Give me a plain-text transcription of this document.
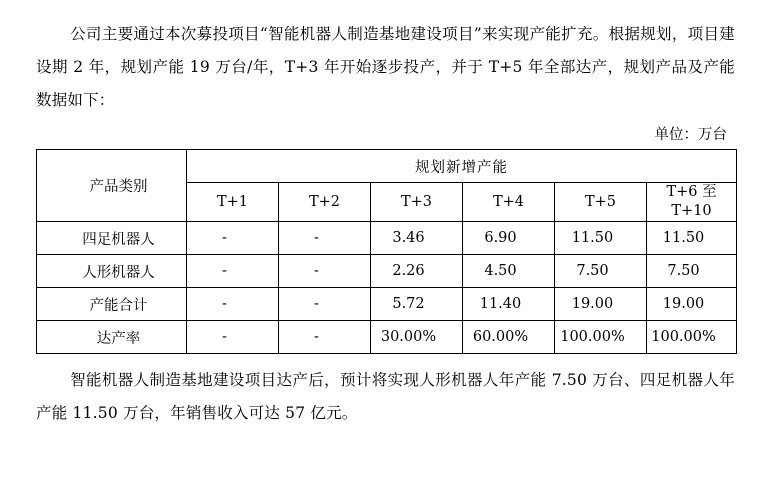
公司主要通过本次募投项目“智能机器人制造基地建设项目”来实现产能扩充。根据规划，项目建设期 2 年，规划产能 19 万台/年，T+3 年开始逐步投产，并于 T+5 年全部达产，规划产品及产能数据如下：

单位：万台
产品类别	规划新增产能					
	T+1	T+2	T+3	T+4	T+5	T+6 至
T+10
四足机器人	-	-	3.46	6.90	11.50	11.50
人形机器人	-	-	2.26	4.50	7.50	7.50
产能合计	-	-	5.72	11.40	19.00	19.00
达产率	-	-	30.00%	60.00%	100.00%	100.00%

智能机器人制造基地建设项目达产后，预计将实现人形机器人年产能 7.50 万台、四足机器人年产能 11.50 万台，年销售收入可达 57 亿元。
